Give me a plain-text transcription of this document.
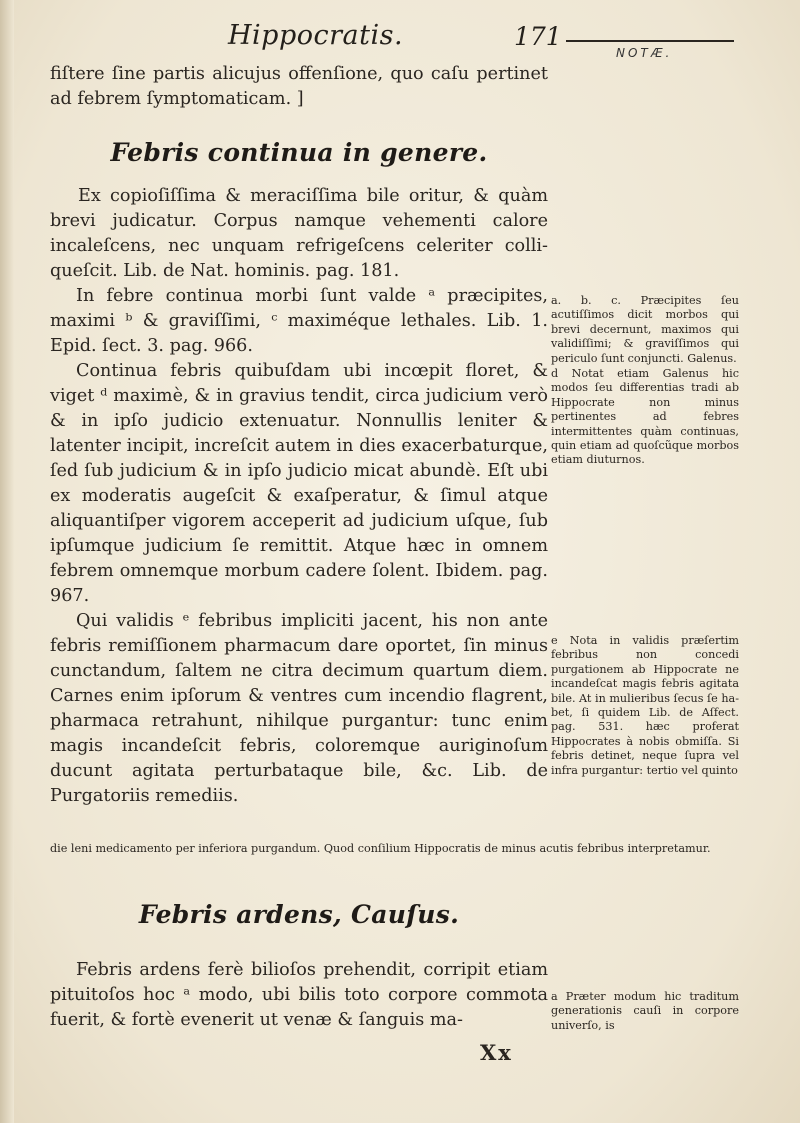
Hippocratis.	171
NOTÆ.

fiſtere ſine partis alicujus offenſione, quo caſu pertinet ad febrem ſymptomaticam. ]

Febris continua in genere.

Ex copioſiſſima & meraciſſima bile oritur, & quàm brevi judicatur. Corpus namque vehementi calore incaleſcens, nec unquam refrigeſcens celeriter colliqueſcit. Lib. de Nat. hominis. pag. 181.

In febre continua morbi ſunt valde ᵃ præcipites, maximi ᵇ & graviſſimi, ᶜ maximéque lethales. Lib. 1. Epid. ſect. 3. pag. 966.

Continua febris quibuſdam ubi incœpit floret, & viget ᵈ maximè, & in gravius tendit, circa judicium verò & in ipſo judicio extenuatur. Nonnullis leniter & latenter incipit, increſcit autem in dies exacerbaturque, ſed ſub judicium & in ipſo judicio micat abundè. Eſt ubi ex moderatis augeſcit & exaſperatur, & ſimul atque aliquantiſper vigorem acceperit ad judicium uſque, ſub ipſumque judicium ſe remittit. Atque hæc in omnem febrem omnemque morbum cadere ſolent. Ibidem. pag. 967.

Qui validis ᵉ febribus impliciti jacent, his non ante febris remiſſionem pharmacum dare oportet, ſin minus cunctandum, ſaltem ne citra decimum quartum diem. Carnes enim ipſorum & ventres cum incendio flagrent, pharmaca retrahunt, nihilque purgantur: tunc enim magis incandeſcit febris, coloremque auriginoſum ducunt agitata perturbataque bile, &c. Lib. de Purgatoriis remediis.

a. b. c. Præcipites ſeu acutiſſimos dicit morbos qui brevi decernunt, maximos qui validiſſimi; & graviſſimos qui periculo ſunt conjuncti. Galenus.

d Notat etiam Galenus hic modos ſeu differentias tradi ab Hippocrate non minus pertinentes ad febres intermittentes quàm continuas, quin etiam ad quoſcũque morbos etiam diuturnos.

e Nota in validis præſertim febribus non concedi purgationem ab Hippocrate ne incandeſcat magis febris agitata bile. At in mulieribus ſecus ſe habet, ſi quidem Lib. de Aſfect. pag. 531. hæc proferat Hippocrates à nobis obmiſſa. Si febris detinet, neque ſupra vel infra purgantur: tertio vel quinto

die leni medicamento per inferiora purgandum. Quod conſilium Hippocratis de minus acutis febribus interpretamur.
Febris ardens, Cauſus.

Febris ardens ferè bilioſos prehendit, corripit etiam pituitoſos hoc ᵃ modo, ubi bilis toto corpore commota fuerit, & fortè evenerit ut venæ & ſanguis ma-

a Præter modum hic traditum generationis cauſi in corpore univerſo, is

Xx
